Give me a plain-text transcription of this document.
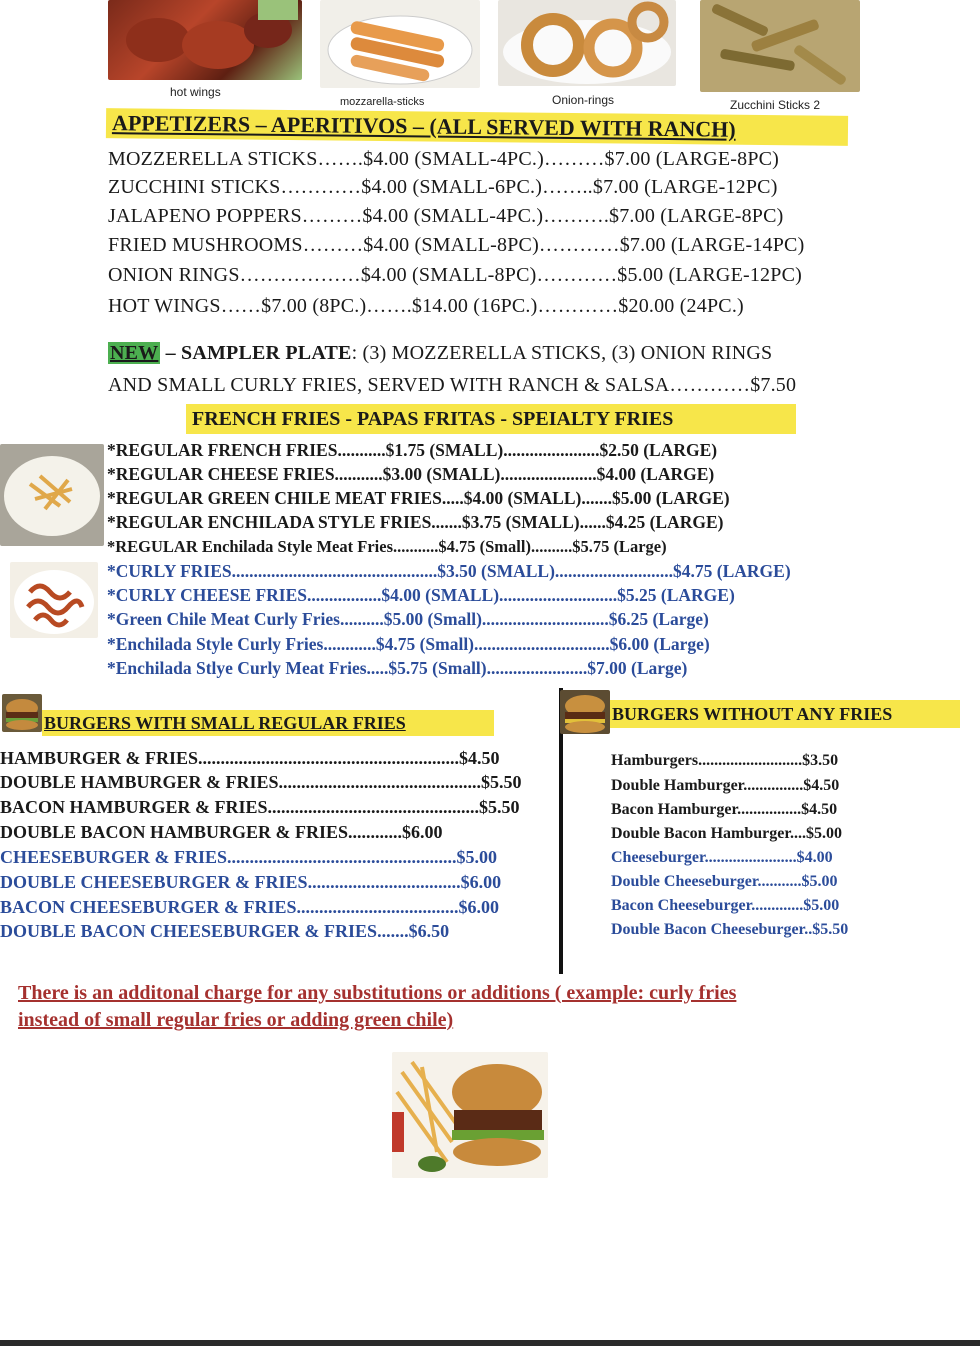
hot wings
mozzarella-sticks	Onion-rings	Zucchini Sticks 2
APPETIZERS – APERITIVOS – (ALL SERVED WITH RANCH)
MOZZERELLA STICKS…….$4.00 (SMALL-4PC.)………$7.00 (LARGE-8PC)
ZUCCHINI STICKS…………$4.00 (SMALL-6PC.)……..$7.00 (LARGE-12PC)
JALAPENO POPPERS………$4.00 (SMALL-4PC.)……….$7.00 (LARGE-8PC)
FRIED MUSHROOMS………$4.00 (SMALL-8PC)…………$7.00 (LARGE-14PC)
ONION RINGS………………$4.00 (SMALL-8PC)…………$5.00 (LARGE-12PC)
HOT WINGS……$7.00 (8PC.)…….$14.00 (16PC.)…………$20.00 (24PC.)
NEW – SAMPLER PLATE: (3) MOZZERELLA STICKS, (3) ONION RINGS
AND SMALL CURLY FRIES, SERVED WITH RANCH & SALSA…………$7.50
FRENCH FRIES - PAPAS FRITAS - SPEIALTY FRIES
*REGULAR FRENCH FRIES...........$1.75 (SMALL)......................$2.50 (LARGE)
*REGULAR CHEESE FRIES...........$3.00 (SMALL)......................$4.00 (LARGE)
*REGULAR GREEN CHILE MEAT FRIES.....$4.00 (SMALL).......$5.00 (LARGE)
*REGULAR ENCHILADA STYLE FRIES.......$3.75 (SMALL)......$4.25 (LARGE)
*REGULAR Enchilada Style Meat Fries...........$4.75 (Small)..........$5.75 (Large)
*CURLY FRIES...............................................$3.50 (SMALL)...........................$4.75 (LARGE)
*CURLY CHEESE FRIES.................$4.00 (SMALL)...........................$5.25 (LARGE)
*Green Chile Meat Curly Fries..........$5.00 (Small).............................$6.25 (Large)
*Enchilada Style Curly Fries............$4.75 (Small)...............................$6.00 (Large)
*Enchilada Stlye Curly Meat Fries.....$5.75 (Small).......................$7.00 (Large)
BURGERS WITH SMALL REGULAR FRIES
HAMBURGER & FRIES..........................................................$4.50
DOUBLE HAMBURGER & FRIES.............................................$5.50
BACON HAMBURGER & FRIES...............................................$5.50
DOUBLE BACON HAMBURGER & FRIES............$6.00
CHEESEBURGER & FRIES...................................................$5.00
DOUBLE CHEESEBURGER & FRIES..................................$6.00
BACON CHEESEBURGER & FRIES....................................$6.00
DOUBLE BACON CHEESEBURGER & FRIES.......$6.50
BURGERS WITHOUT ANY FRIES
Hamburgers..........................$3.50
Double Hamburger...............$4.50
Bacon Hamburger................$4.50
Double Bacon Hamburger....$5.00
Cheeseburger.......................$4.00
Double Cheeseburger...........$5.00
Bacon Cheeseburger.............$5.00
Double Bacon Cheeseburger..$5.50
There is an additonal charge for any substitutions or additions ( example: curly fries
instead of small regular fries or adding green chile)
